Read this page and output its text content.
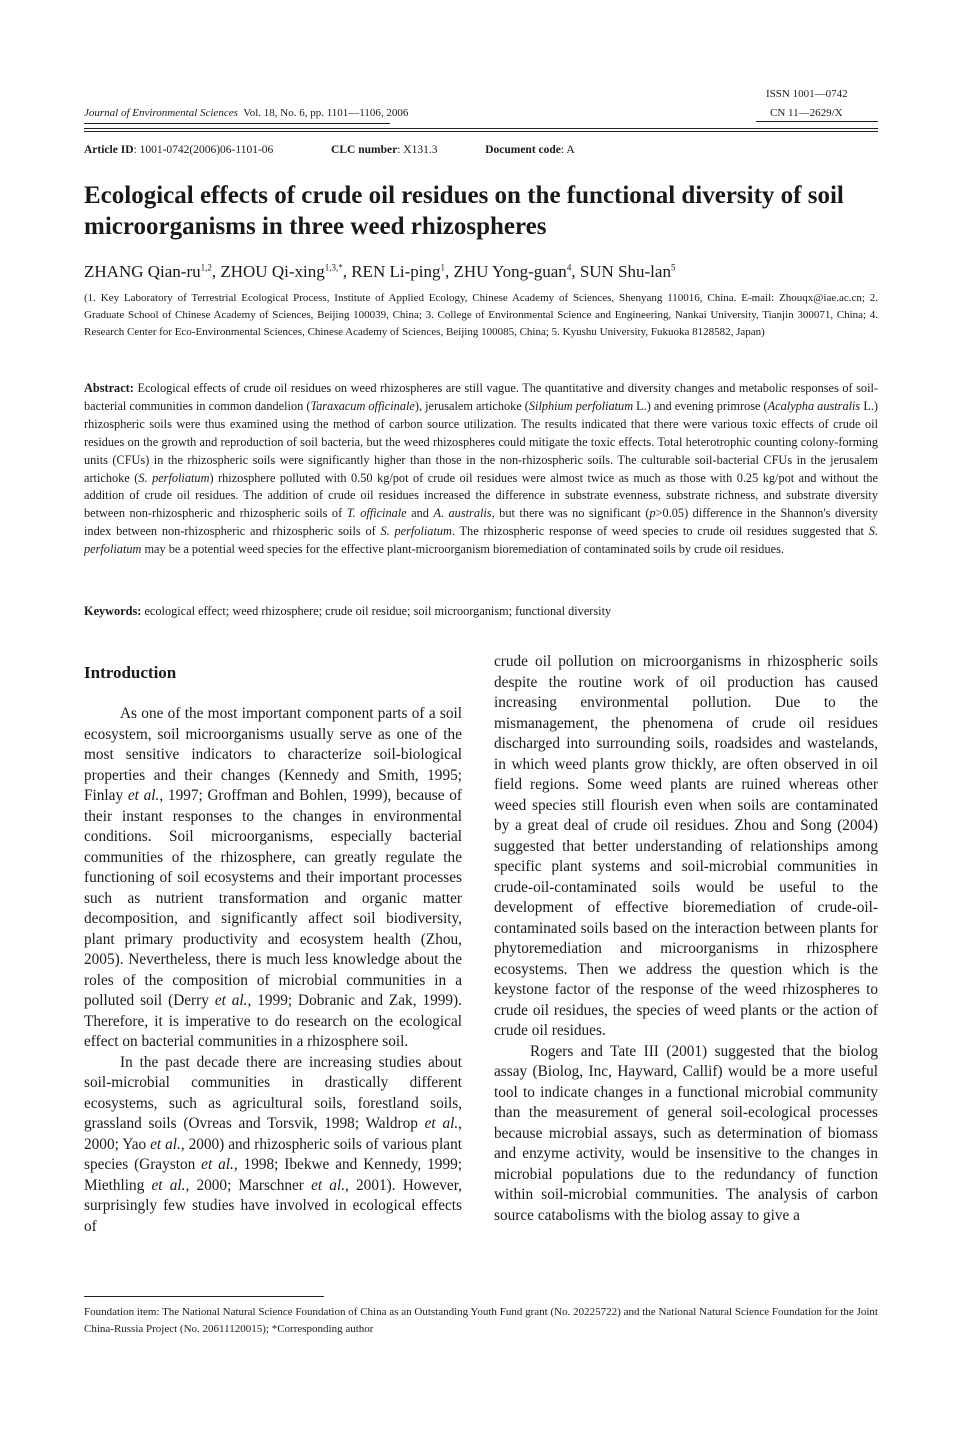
ISSN 1001—0742
CN 11—2629/X
Journal of Environmental Sciences Vol. 18, No. 6, pp. 1101—1106, 2006
Article ID: 1001-0742(2006)06-1101-06	CLC number: X131.3	Document code: A
Ecological effects of crude oil residues on the functional diversity of soil microorganisms in three weed rhizospheres
ZHANG Qian-ru$^{1,2}$, ZHOU Qi-xing$^{1,3,*}$, REN Li-ping$^1$, ZHU Yong-guan$^4$, SUN Shu-lan$^5$
(1. Key Laboratory of Terrestrial Ecological Process, Institute of Applied Ecology, Chinese Academy of Sciences, Shenyang 110016, China. E-mail: Zhouqx@iae.ac.cn; 2. Graduate School of Chinese Academy of Sciences, Beijing 100039, China; 3. College of Environmental Science and Engineering, Nankai University, Tianjin 300071, China; 4. Research Center for Eco-Environmental Sciences, Chinese Academy of Sciences, Beijing 100085, China; 5. Kyushu University, Fukuoka 8128582, Japan)
Abstract: Ecological effects of crude oil residues on weed rhizospheres are still vague. The quantitative and diversity changes and metabolic responses of soil-bacterial communities in common dandelion (Taraxacum officinale), jerusalem artichoke (Silphium perfoliatum L.) and evening primrose (Acalypha australis L.) rhizospheric soils were thus examined using the method of carbon source utilization. The results indicated that there were various toxic effects of crude oil residues on the growth and reproduction of soil bacteria, but the weed rhizospheres could mitigate the toxic effects. Total heterotrophic counting colony-forming units (CFUs) in the rhizospheric soils were significantly higher than those in the non-rhizospheric soils. The culturable soil-bacterial CFUs in the jerusalem artichoke (S. perfoliatum) rhizosphere polluted with 0.50 kg/pot of crude oil residues were almost twice as much as those with 0.25 kg/pot and without the addition of crude oil residues. The addition of crude oil residues increased the difference in substrate evenness, substrate richness, and substrate diversity between non-rhizospheric and rhizospheric soils of T. officinale and A. australis, but there was no significant (p>0.05) difference in the Shannon's diversity index between non-rhizospheric and rhizospheric soils of S. perfoliatum. The rhizospheric response of weed species to crude oil residues suggested that S. perfoliatum may be a potential weed species for the effective plant-microorganism bioremediation of contaminated soils by crude oil residues.
Keywords: ecological effect; weed rhizosphere; crude oil residue; soil microorganism; functional diversity
Introduction

As one of the most important component parts of a soil ecosystem, soil microorganisms usually serve as one of the most sensitive indicators to characterize soil-biological properties and their changes (Kennedy and Smith, 1995; Finlay et al., 1997; Groffman and Bohlen, 1999), because of their instant responses to the changes in environmental conditions. Soil microorganisms, especially bacterial communities of the rhizosphere, can greatly regulate the functioning of soil ecosystems and their important processes such as nutrient transformation and organic matter decomposition, and significantly affect soil biodiversity, plant primary productivity and ecosystem health (Zhou, 2005). Nevertheless, there is much less knowledge about the roles of the composition of microbial communities in a polluted soil (Derry et al., 1999; Dobranic and Zak, 1999). Therefore, it is imperative to do research on the ecological effect on bacterial communities in a rhizosphere soil.

In the past decade there are increasing studies about soil-microbial communities in drastically different ecosystems, such as agricultural soils, forestland soils, grassland soils (Ovreas and Torsvik, 1998; Waldrop et al., 2000; Yao et al., 2000) and rhizospheric soils of various plant species (Grayston et al., 1998; Ibekwe and Kennedy, 1999; Miethling et al., 2000; Marschner et al., 2001). However, surprisingly few studies have involved in ecological effects of

crude oil pollution on microorganisms in rhizospheric soils despite the routine work of oil production has caused increasing environmental pollution. Due to the mismanagement, the phenomena of crude oil residues discharged into surrounding soils, roadsides and wastelands, in which weed plants grow thickly, are often observed in oil field regions. Some weed plants are ruined whereas other weed species still flourish even when soils are contaminated by a great deal of crude oil residues. Zhou and Song (2004) suggested that better understanding of relationships among specific plant systems and soil-microbial communities in crude-oil-contaminated soils would be useful to the development of effective bioremediation of crude-oil-contaminated soils based on the interaction between plants for phytoremediation and microorganisms in rhizosphere ecosystems. Then we address the question which is the keystone factor of the response of the weed rhizospheres to crude oil residues, the species of weed plants or the action of crude oil residues.

Rogers and Tate III (2001) suggested that the biolog assay (Biolog, Inc, Hayward, Callif) would be a more useful tool to indicate changes in a functional microbial community than the measurement of general soil-ecological processes because microbial assays, such as determination of biomass and enzyme activity, would be insensitive to the changes in microbial populations due to the redundancy of function within soil-microbial communities. The analysis of carbon source catabolisms with the biolog assay to give a

Foundation item: The National Natural Science Foundation of China as an Outstanding Youth Fund grant (No. 20225722) and the National Natural Science Foundation for the Joint China-Russia Project (No. 20611120015); *Corresponding author
